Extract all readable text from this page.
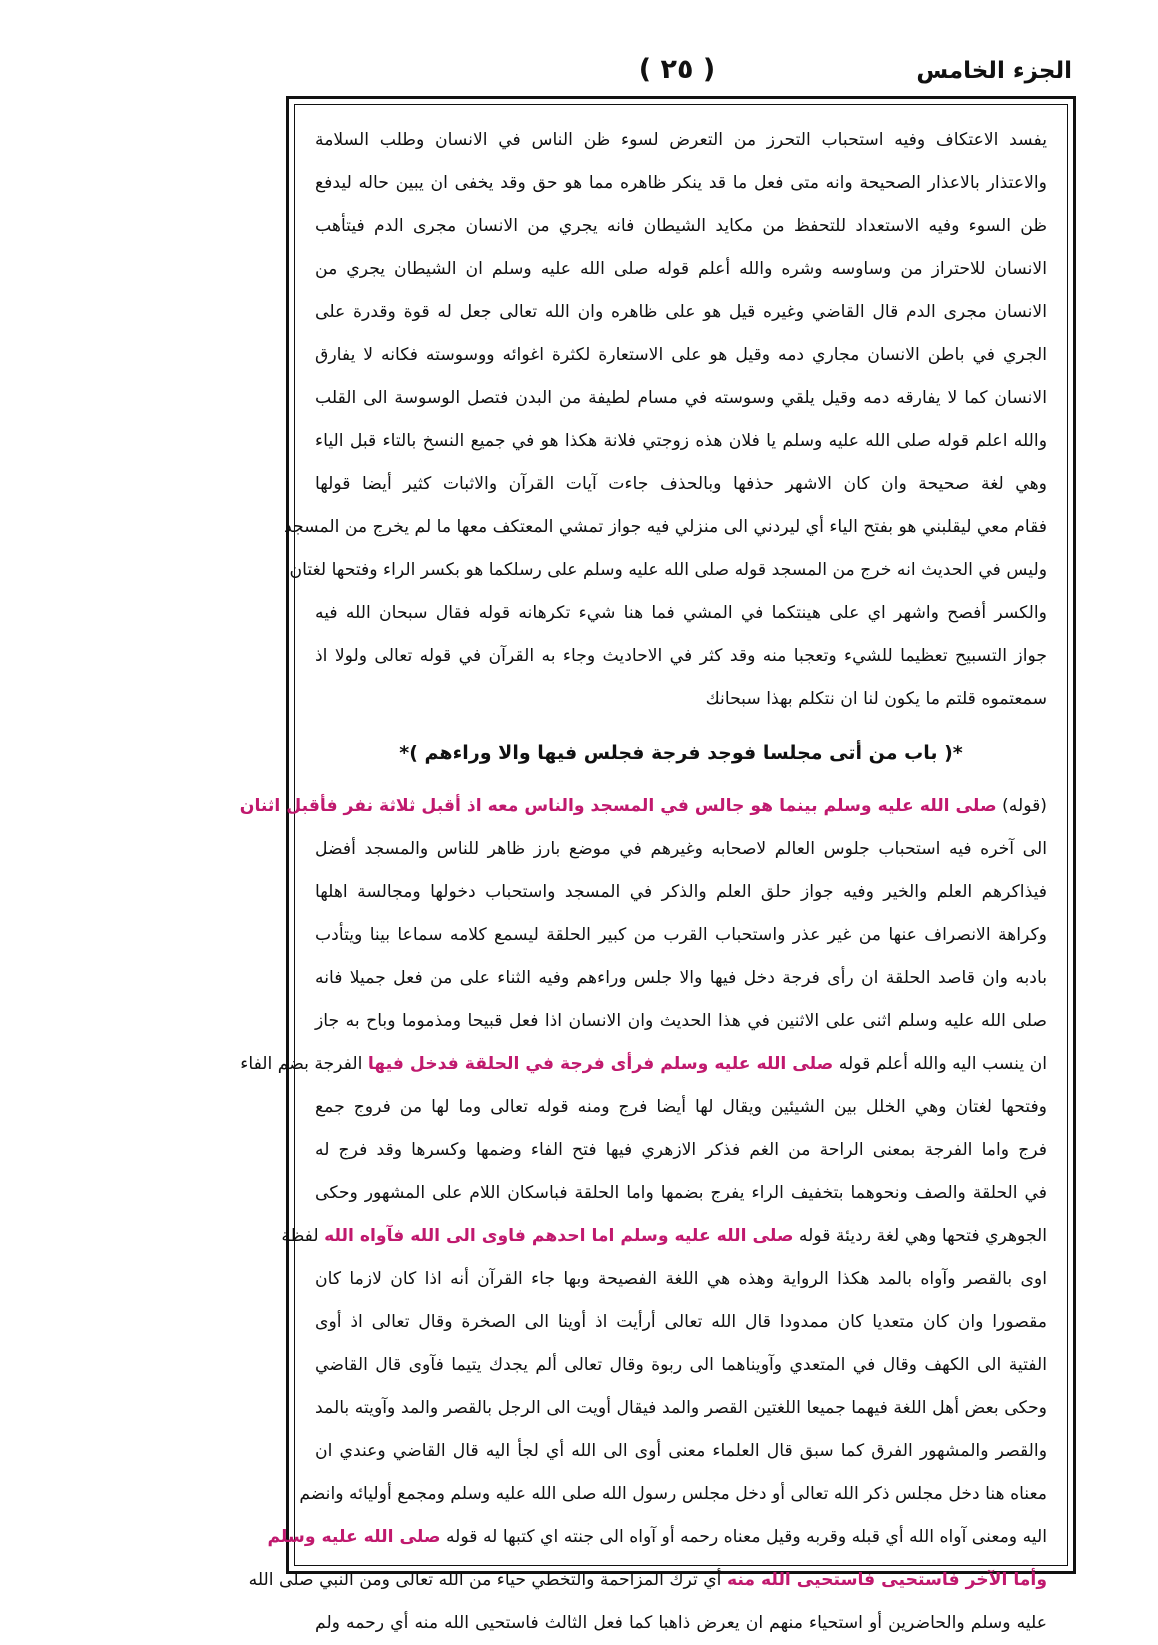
الجزء الخامس
( ٢٥ )
يفسد الاعتكاف وفيه استحباب التحرز من التعرض لسوء ظن الناس في الانسان وطلب السلامة
والاعتذار بالاعذار الصحيحة وانه متى فعل ما قد ينكر ظاهره مما هو حق وقد يخفى ان يبين حاله ليدفع
ظن السوء وفيه الاستعداد للتحفظ من مكايد الشيطان فانه يجري من الانسان مجرى الدم فيتأهب
الانسان للاحتراز من وساوسه وشره والله أعلم قوله صلى الله عليه وسلم ان الشيطان يجري من
الانسان مجرى الدم قال القاضي وغيره قيل هو على ظاهره وان الله تعالى جعل له قوة وقدرة على
الجري في باطن الانسان مجاري دمه وقيل هو على الاستعارة لكثرة اغوائه ووسوسته فكانه لا يفارق
الانسان كما لا يفارقه دمه وقيل يلقي وسوسته في مسام لطيفة من البدن فتصل الوسوسة الى القلب
والله اعلم قوله صلى الله عليه وسلم يا فلان هذه زوجتي فلانة هكذا هو في جميع النسخ بالتاء قبل الياء
وهي لغة صحيحة وان كان الاشهر حذفها وبالحذف جاءت آيات القرآن والاثبات كثير أيضا قولها
فقام معي ليقلبني هو بفتح الياء أي ليردني الى منزلي فيه جواز تمشي المعتكف معها ما لم يخرج من المسجد
وليس في الحديث انه خرج من المسجد قوله صلى الله عليه وسلم على رسلكما هو بكسر الراء وفتحها لغتان
والكسر أفصح واشهر اي على هينتكما في المشي فما هنا شيء تكرهانه قوله فقال سبحان الله فيه
جواز التسبيح تعظيما للشيء وتعجبا منه وقد كثر في الاحاديث وجاء به القرآن في قوله تعالى ولولا اذ
سمعتموه قلتم ما يكون لنا ان نتكلم بهذا سبحانك
*( باب من أتى مجلسا فوجد فرجة فجلس فيها والا وراءهم )*
(قوله) صلى الله عليه وسلم بينما هو جالس في المسجد والناس معه اذ أقبل ثلاثة نفر فأقبل اثنان
الى آخره فيه استحباب جلوس العالم لاصحابه وغيرهم في موضع بارز ظاهر للناس والمسجد أفضل
فيذاكرهم العلم والخير وفيه جواز حلق العلم والذكر في المسجد واستحباب دخولها ومجالسة اهلها
وكراهة الانصراف عنها من غير عذر واستحباب القرب من كبير الحلقة ليسمع كلامه سماعا بينا ويتأدب
بادبه وان قاصد الحلقة ان رأى فرجة دخل فيها والا جلس وراءهم وفيه الثناء على من فعل جميلا فانه
صلى الله عليه وسلم اثنى على الاثنين في هذا الحديث وان الانسان اذا فعل قبيحا ومذموما وباح به جاز
ان ينسب اليه والله أعلم قوله صلى الله عليه وسلم فرأى فرجة في الحلقة فدخل فيها الفرجة بضم الفاء
وفتحها لغتان وهي الخلل بين الشيئين ويقال لها أيضا فرج ومنه قوله تعالى وما لها من فروج جمع
فرج واما الفرجة بمعنى الراحة من الغم فذكر الازهري فيها فتح الفاء وضمها وكسرها وقد فرج له
في الحلقة والصف ونحوهما بتخفيف الراء يفرج بضمها واما الحلقة فباسكان اللام على المشهور وحكى
الجوهري فتحها وهي لغة رديئة قوله صلى الله عليه وسلم اما احدهم فاوى الى الله فآواه الله لفظة
اوى بالقصر وآواه بالمد هكذا الرواية وهذه هي اللغة الفصيحة وبها جاء القرآن أنه اذا كان لازما كان
مقصورا وان كان متعديا كان ممدودا قال الله تعالى أرأيت اذ أوينا الى الصخرة وقال تعالى اذ أوى
الفتية الى الكهف وقال في المتعدي وآويناهما الى ربوة وقال تعالى ألم يجدك يتيما فآوى قال القاضي
وحكى بعض أهل اللغة فيهما جميعا اللغتين القصر والمد فيقال أويت الى الرجل بالقصر والمد وآويته بالمد
والقصر والمشهور الفرق كما سبق قال العلماء معنى أوى الى الله أي لجأ اليه قال القاضي وعندي ان
معناه هنا دخل مجلس ذكر الله تعالى أو دخل مجلس رسول الله صلى الله عليه وسلم ومجمع أوليائه وانضم
اليه ومعنى آواه الله أي قبله وقربه وقيل معناه رحمه أو آواه الى جنته اي كتبها له قوله صلى الله عليه وسلم
وأما الآخر فاستحيى فاستحيى الله منه أي ترك المزاحمة والتخطي حياء من الله تعالى ومن النبي صلى الله
عليه وسلم والحاضرين أو استحياء منهم ان يعرض ذاهبا كما فعل الثالث فاستحيى الله منه أي رحمه ولم
